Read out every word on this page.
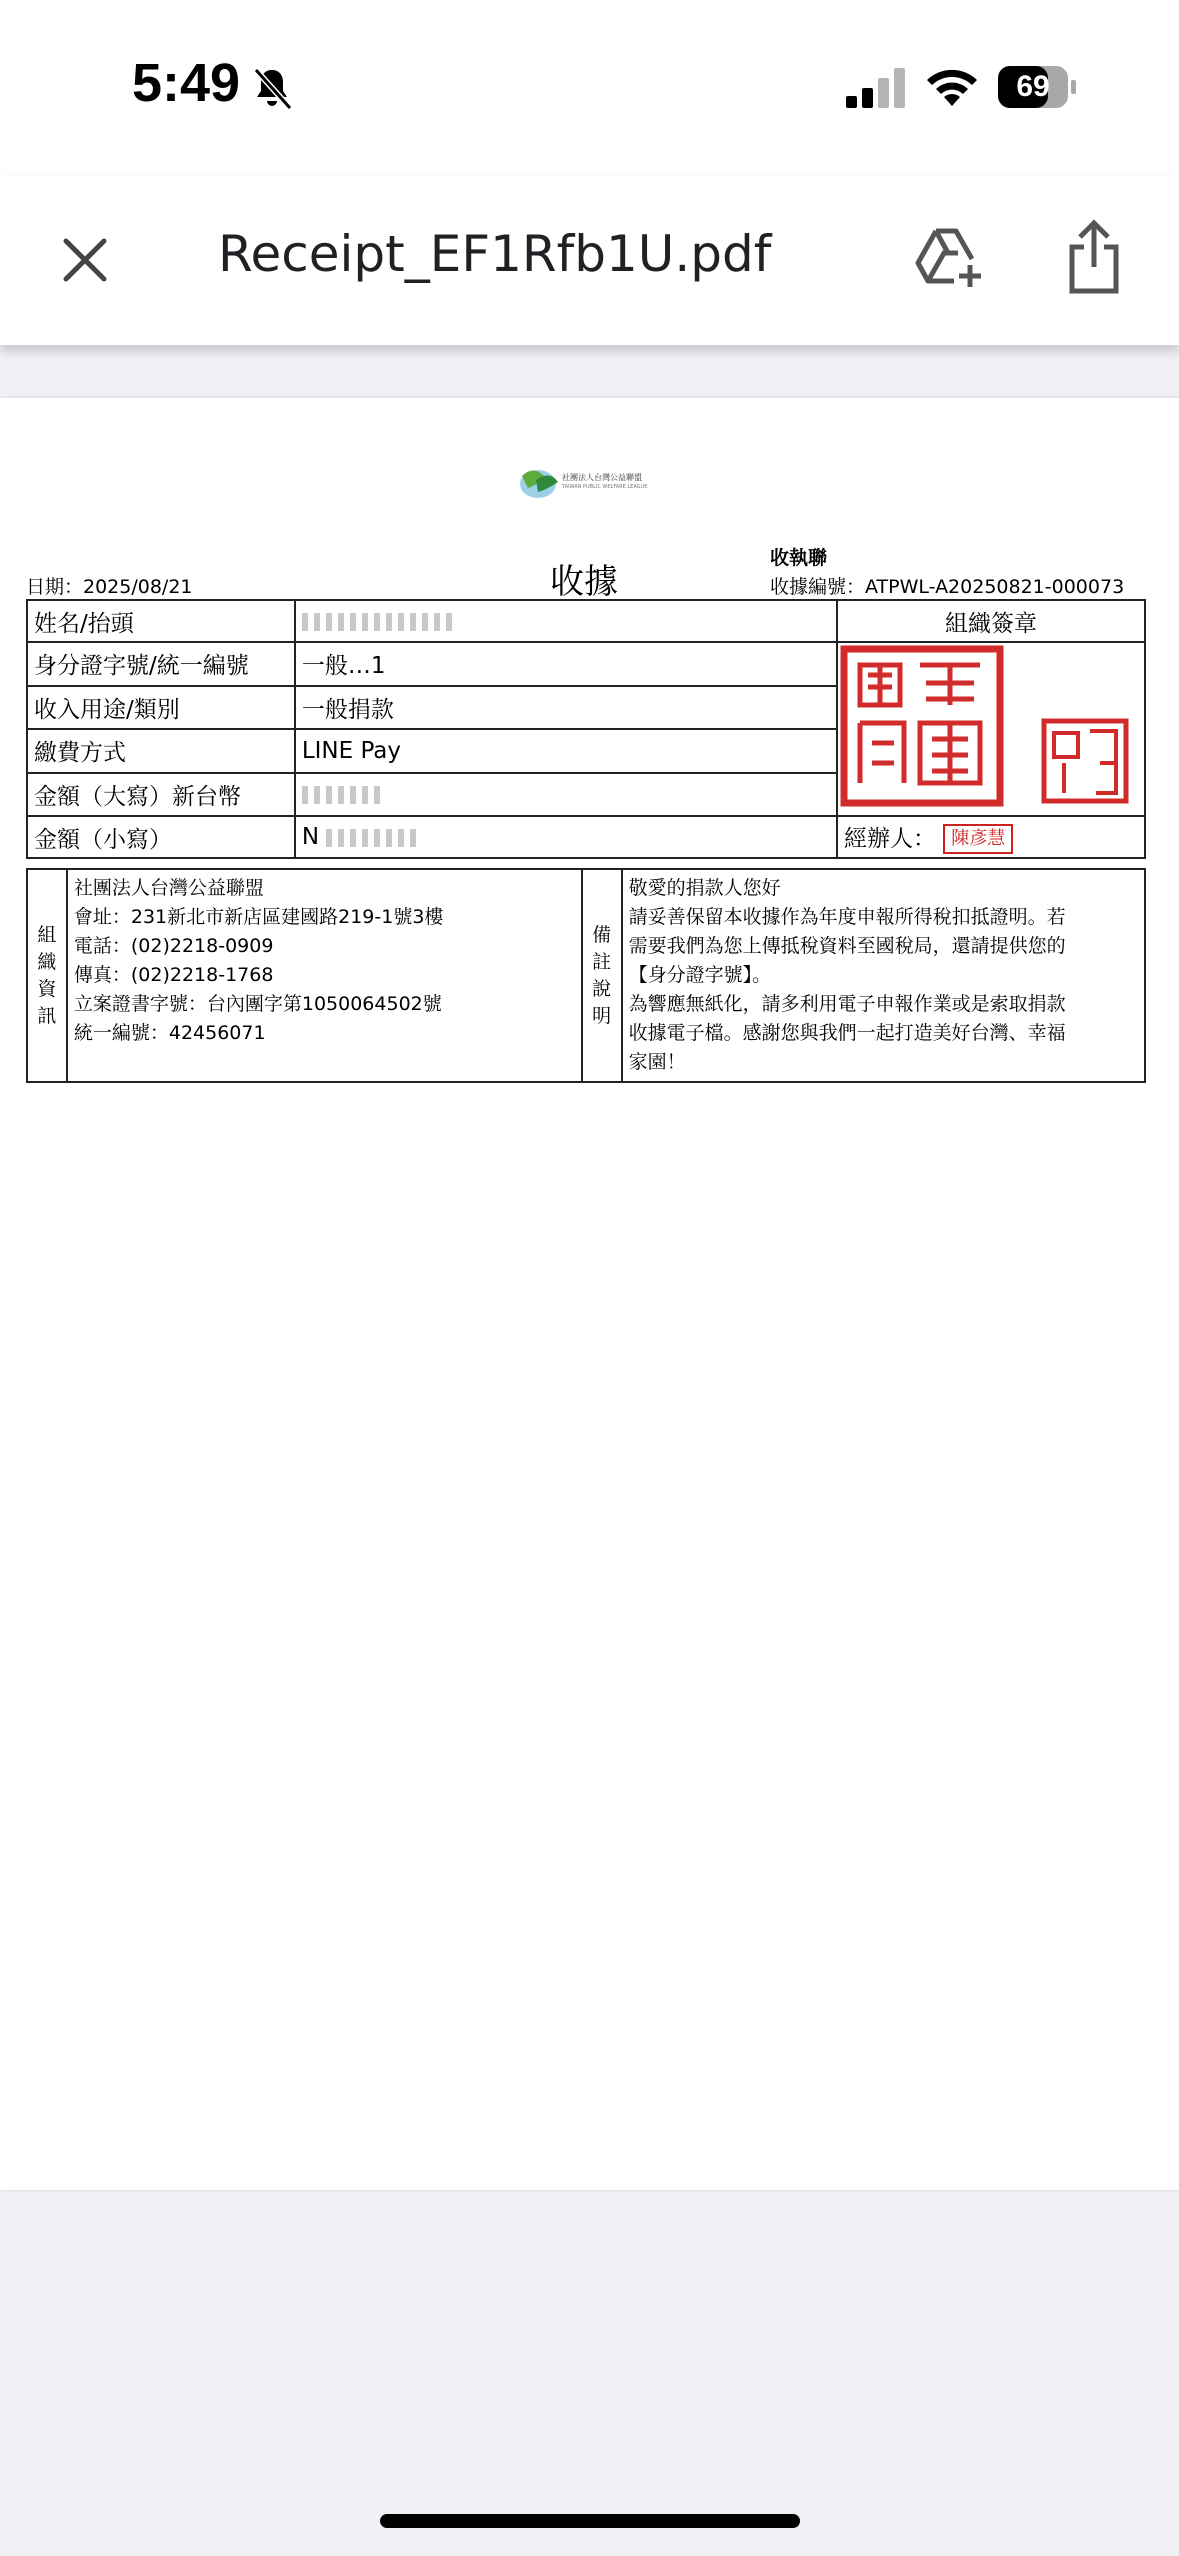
5:49	69
Receipt_EF1Rfb1U.pdf
社團法人台灣公益聯盟
TAIWAN PUBLIC WELFARE LEAGUE
日期：2025/08/21	收據
收執聯
收據編號：ATPWL-A20250821-000073
姓名/抬頭		組織簽章
身分證字號/統一編號	一般…1	
收入用途/類別	一般捐款	
繳費方式	LINE Pay	
金額（大寫）新台幣		
金額（小寫）	N	經辦人： 陳彥慧
組織資訊	
社團法人台灣公益聯盟
會址：231新北市新店區建國路219-1號3樓
電話：(02)2218-0909
傳真：(02)2218-1768
立案證書字號：台內團字第1050064502號
統一編號：42456071
	備註說明	
敬愛的捐款人您好
請妥善保留本收據作為年度申報所得稅扣抵證明。若
需要我們為您上傳抵稅資料至國稅局，還請提供您的
【身分證字號】。
為響應無紙化，請多利用電子申報作業或是索取捐款
收據電子檔。感謝您與我們一起打造美好台灣、幸福
家園！
